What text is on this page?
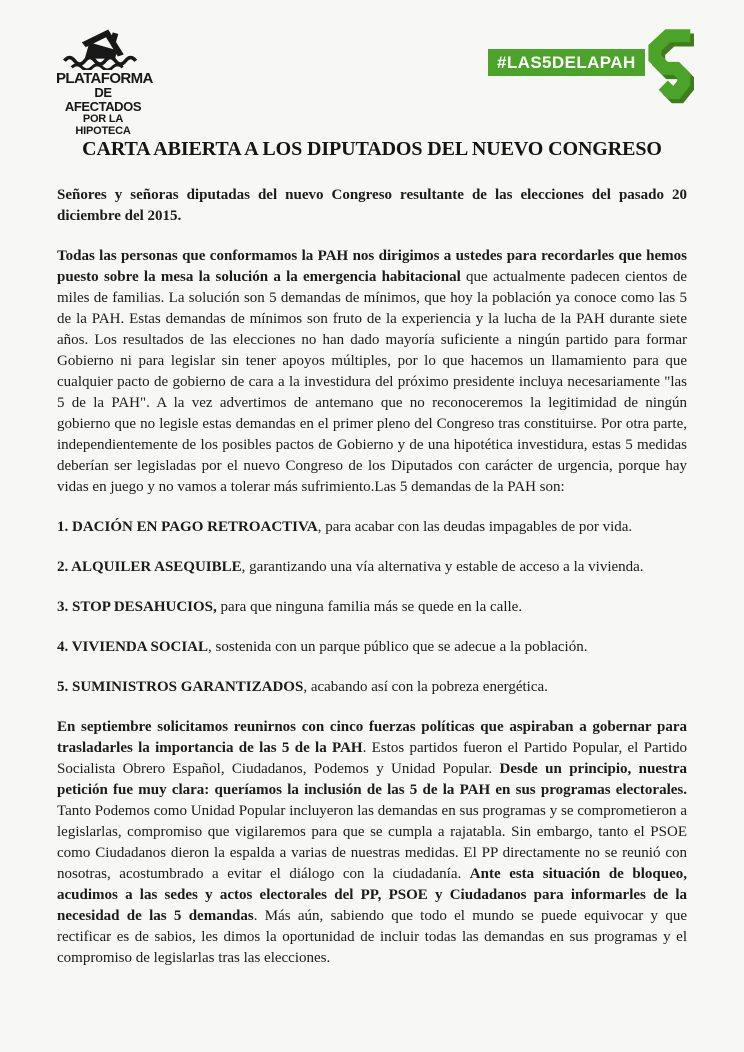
PLATAFORMA
DE AFECTADOS
POR LA HIPOTECA
#LAS5DELAPAH
CARTA ABIERTA A LOS DIPUTADOS DEL NUEVO CONGRESO

Señores y señoras diputadas del nuevo Congreso resultante de las elecciones del pasado 20 diciembre del 2015.

Todas las personas que conformamos la PAH nos dirigimos a ustedes para recordarles que hemos puesto sobre la mesa la solución a la emergencia habitacional que actualmente padecen cientos de miles de familias. La solución son 5 demandas de mínimos, que hoy la población ya conoce como las 5 de la PAH. Estas demandas de mínimos son fruto de la experiencia y la lucha de la PAH durante siete años. Los resultados de las elecciones no han dado mayoría suficiente a ningún partido para formar Gobierno ni para legislar sin tener apoyos múltiples, por lo que hacemos un llamamiento para que cualquier pacto de gobierno de cara a la investidura del próximo presidente incluya necesariamente "las 5 de la PAH". A la vez advertimos de antemano que no reconoceremos la legitimidad de ningún gobierno que no legisle estas demandas en el primer pleno del Congreso tras constituirse. Por otra parte, independientemente de los posibles pactos de Gobierno y de una hipotética investidura, estas 5 medidas deberían ser legisladas por el nuevo Congreso de los Diputados con carácter de urgencia, porque hay vidas en juego y no vamos a tolerar más sufrimiento.Las 5 demandas de la PAH son:

1. DACIÓN EN PAGO RETROACTIVA, para acabar con las deudas impagables de por vida.

2. ALQUILER ASEQUIBLE, garantizando una vía alternativa y estable de acceso a la vivienda.

3. STOP DESAHUCIOS, para que ninguna familia más se quede en la calle.

4. VIVIENDA SOCIAL, sostenida con un parque público que se adecue a la población.

5. SUMINISTROS GARANTIZADOS, acabando así con la pobreza energética.

En septiembre solicitamos reunirnos con cinco fuerzas políticas que aspiraban a gobernar para trasladarles la importancia de las 5 de la PAH. Estos partidos fueron el Partido Popular, el Partido Socialista Obrero Español, Ciudadanos, Podemos y Unidad Popular. Desde un principio, nuestra petición fue muy clara: queríamos la inclusión de las 5 de la PAH en sus programas electorales. Tanto Podemos como Unidad Popular incluyeron las demandas en sus programas y se comprometieron a legislarlas, compromiso que vigilaremos para que se cumpla a rajatabla. Sin embargo, tanto el PSOE como Ciudadanos dieron la espalda a varias de nuestras medidas. El PP directamente no se reunió con nosotras, acostumbrado a evitar el diálogo con la ciudadanía. Ante esta situación de bloqueo, acudimos a las sedes y actos electorales del PP, PSOE y Ciudadanos para informarles de la necesidad de las 5 demandas. Más aún, sabiendo que todo el mundo se puede equivocar y que rectificar es de sabios, les dimos la oportunidad de incluir todas las demandas en sus programas y el compromiso de legislarlas tras las elecciones.
